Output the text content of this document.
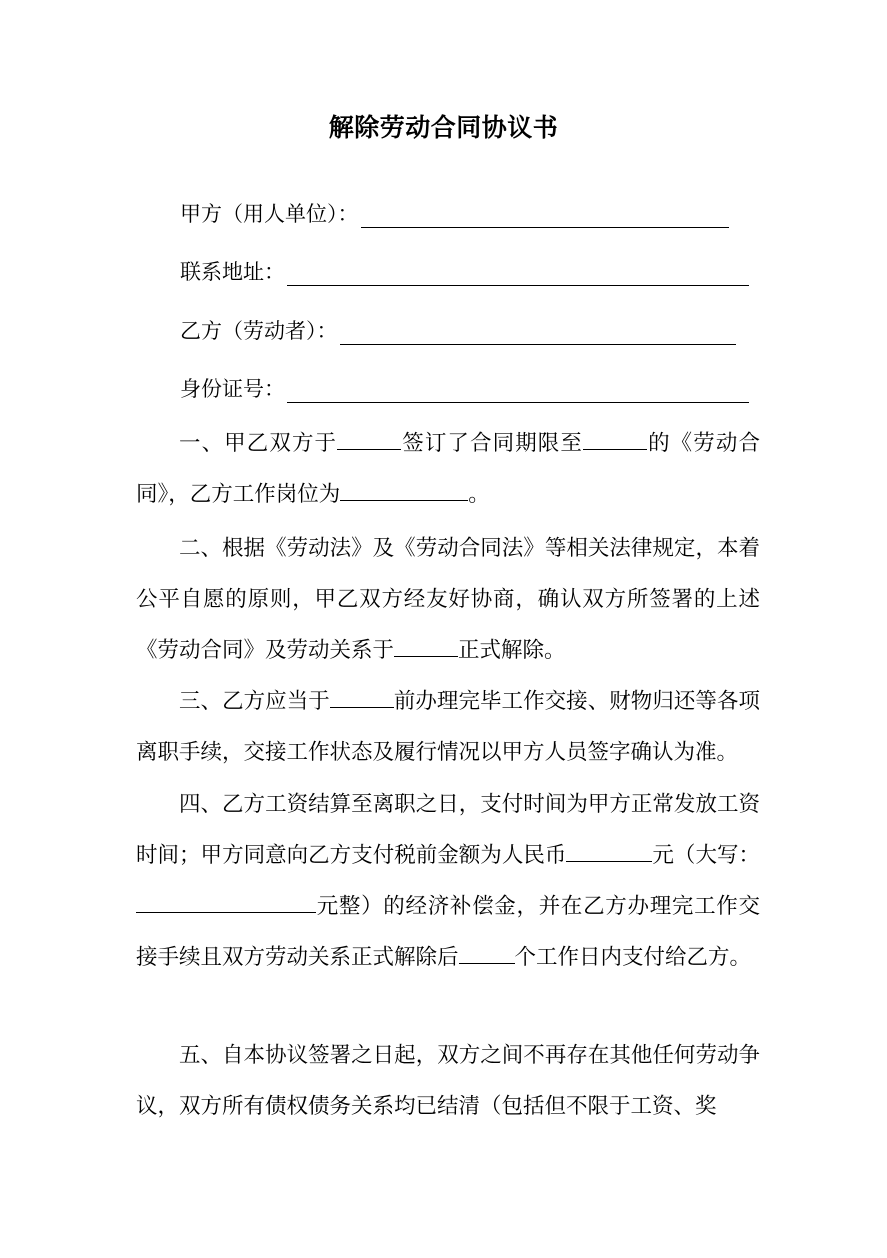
解除劳动合同协议书
甲方（用人单位）：
联系地址：
乙方（劳动者）：
身份证号：
一、甲乙双方于	签订了合同期限至	的《劳动合同》，乙方工作岗位为	。
二、根据《劳动法》及《劳动合同法》等相关法律规定，本着公平自愿的原则，甲乙双方经友好协商，确认双方所签署的上述《劳动合同》及劳动关系于	正式解除。
三、乙方应当于	前办理完毕工作交接、财物归还等各项离职手续，交接工作状态及履行情况以甲方人员签字确认为准。
四、乙方工资结算至离职之日，支付时间为甲方正常发放工资时间；甲方同意向乙方支付税前金额为人民币	元（大写：元整）的经济补偿金，并在乙方办理完工作交接手续且双方劳动关系正式解除后	个工作日内支付给乙方。
五、自本协议签署之日起，双方之间不再存在其他任何劳动争议，双方所有债权债务关系均已结清（包括但不限于工资、奖
